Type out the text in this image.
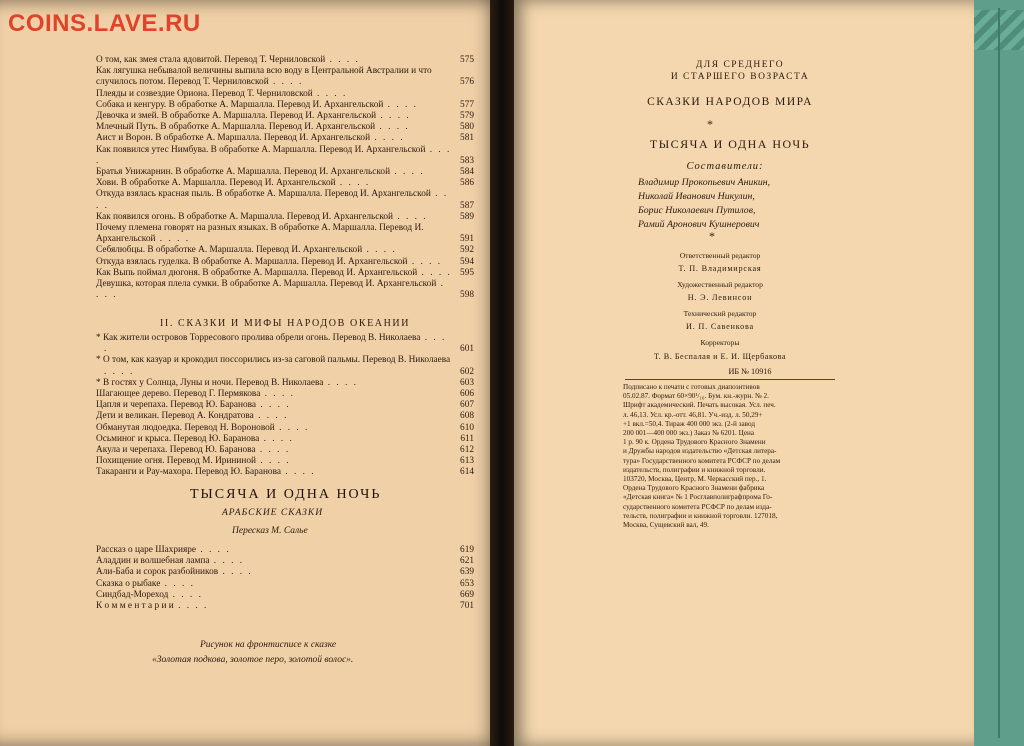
COINS.LAVE.RU
О том, как змея стала ядовитой. Перевод Т. Черниловской . . . .	575
Как лягушка небывалой величины выпила всю воду в Центральной Австралии и что случилось потом. Перевод Т. Черниловской . . . .	576
Плеяды и созвездие Ориона. Перевод Т. Черниловской . . . .
Собака и кенгуру. В обработке А. Маршалла. Перевод И. Архангельской . . . .	577
Девочка и змей. В обработке А. Маршалла. Перевод И. Архангельской . . . .	579
Млечный Путь. В обработке А. Маршалла. Перевод И. Архангельской . . . .	580
Аист и Ворон. В обработке А. Маршалла. Перевод И. Архангельской . . . .	581
Как появился утес Нимбува. В обработке А. Маршалла. Перевод И. Архангельской . . . .	583
Братья Унижарнин. В обработке А. Маршалла. Перевод И. Архангельской . . . .	584
Хови. В обработке А. Маршалла. Перевод И. Архангельской . . . .	586
Откуда взялась красная пыль. В обработке А. Маршалла. Перевод И. Архангельской . . . .	587
Как появился огонь. В обработке А. Маршалла. Перевод И. Архангельской . . . .	589
Почему племена говорят на разных языках. В обработке А. Маршалла. Перевод И. Архангельской . . . .	591
Себялюбцы. В обработке А. Маршалла. Перевод И. Архангельской . . . .	592
Откуда взялась гуделка. В обработке А. Маршалла. Перевод И. Архангельской . . . .	594
Как Выпь поймал дюгоня. В обработке А. Маршалла. Перевод И. Архангельской . . . . 595
Девушка, которая плела сумки. В обработке А. Маршалла. Перевод И. Архангельской . . . .	598
II. СКАЗКИ И МИФЫ НАРОДОВ ОКЕАНИИ
* Как жители островов Торресового пролива обрели огонь. Перевод В. Николаева . . . .	601
* О том, как казуар и крокодил поссорились из-за саговой пальмы. Перевод В. Николаева . . . .	602
* В гостях у Солнца, Луны и ночи. Перевод В. Николаева . . . .	603
Шагающее дерево. Перевод Г. Пермякова . . . .	606
Цапля и черепаха. Перевод Ю. Баранова . . . .	607
Дети и великан. Перевод А. Кондратова . . . .	608
Обманутая людоедка. Перевод Н. Вороновой . . . .	610
Осьминог и крыса. Перевод Ю. Баранова . . . .	611
Акула и черепаха. Перевод Ю. Баранова . . . .	612
Похищение огня. Перевод М. Ирининой . . . .	613
Такаранги и Рау-махора. Перевод Ю. Баранова . . . .	614
ТЫСЯЧА И ОДНА НОЧЬ
АРАБСКИЕ СКАЗКИ
Пересказ М. Салье
Рассказ о царе Шахрияре . . . .	619
Аладдин и волшебная лампа . . . .	621
Али-Баба и сорок разбойников . . . .	639
Сказка о рыбаке . . . .	653
Синдбад-Мореход . . . .	669
К о м м е н т а р и и . . . .	701
Рисунок на фронтисписе к сказке
«Золотая подкова, золотое перо, золотой волос».
ДЛЯ СРЕДНЕГО
И СТАРШЕГО ВОЗРАСТА
СКАЗКИ НАРОДОВ МИРА
*
ТЫСЯЧА И ОДНА НОЧЬ
Составители:
Владимир Прокопьевич Аникин,
Николай Иванович Никулин,
Борис Николаевич Путилов,
Рамий Аронович Кушнерович
*
Ответственный редактор
Т. П. Владимирская
Художественный редактор
Н. Э. Левинсон
Технический редактор
И. П. Савенкова
Корректоры
Т. В. Беспалая и Е. И. Щербакова
ИБ № 10916
Подписано к печати с готовых диапозитивов
05.02.87. Формат 60×90¹/₁₆. Бум. кн.-журн. № 2.
Шрифт академический. Печать высокая. Усл. печ.
л. 46,13. Усл. кр.-отт. 46,81. Уч.-изд. л. 50,29+
+1 вкл.=50,4. Тираж 400 000 экз. (2-й завод
200 001—400 000 экз.) Заказ № 6201. Цена
1 р. 90 к. Ордена Трудового Красного Знамени
и Дружбы народов издательство «Детская литера-
тура» Государственного комитета РСФСР по делам
издательств, полиграфии и книжной торговли.
103720, Москва, Центр, М. Черкасский пер., 1.
Ордена Трудового Красного Знамени фабрика
«Детская книга» № 1 Росглавполиграфпрома Го-
сударственного комитета РСФСР по делам изда-
тельств, полиграфии и книжной торговли. 127018,
Москва, Сущевский вал, 49.
